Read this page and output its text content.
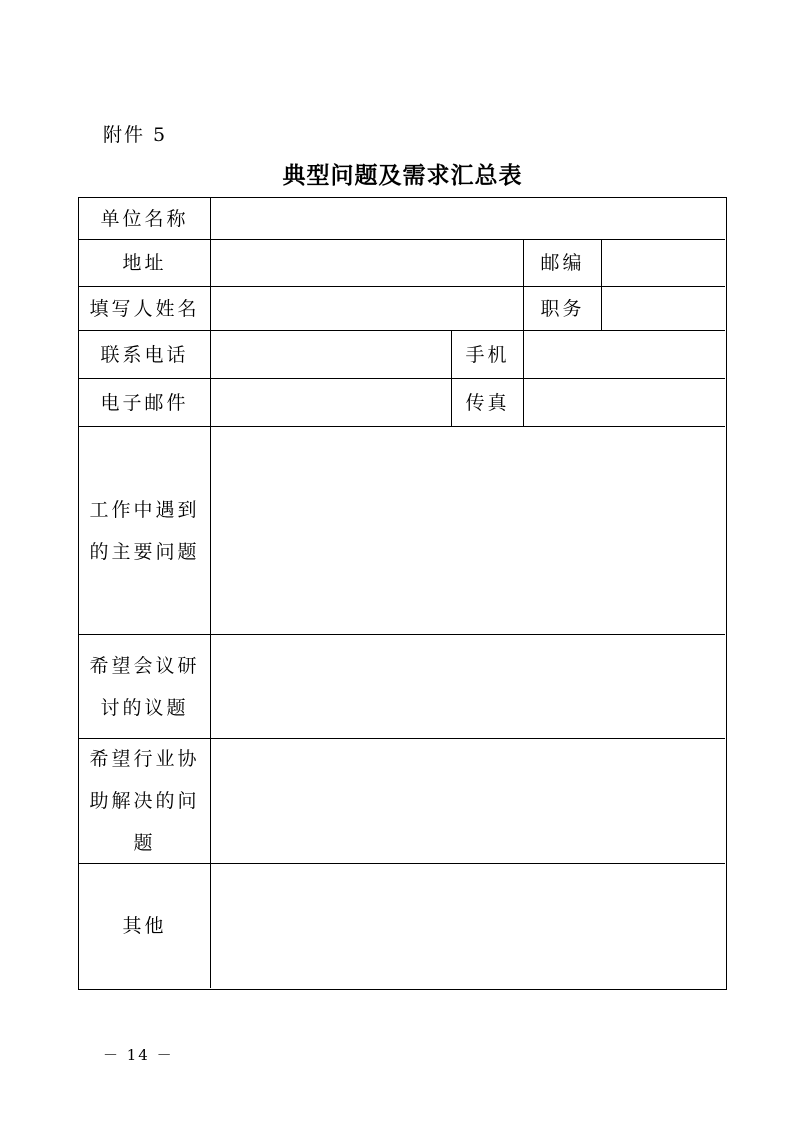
附件 5
典型问题及需求汇总表
单位名称
地址	邮编
填写人姓名	职务
联系电话	手机
电子邮件	传真
工作中遇到
的主要问题
希望会议研
讨的议题
希望行业协
助解决的问
题
其他
－ 14 －
